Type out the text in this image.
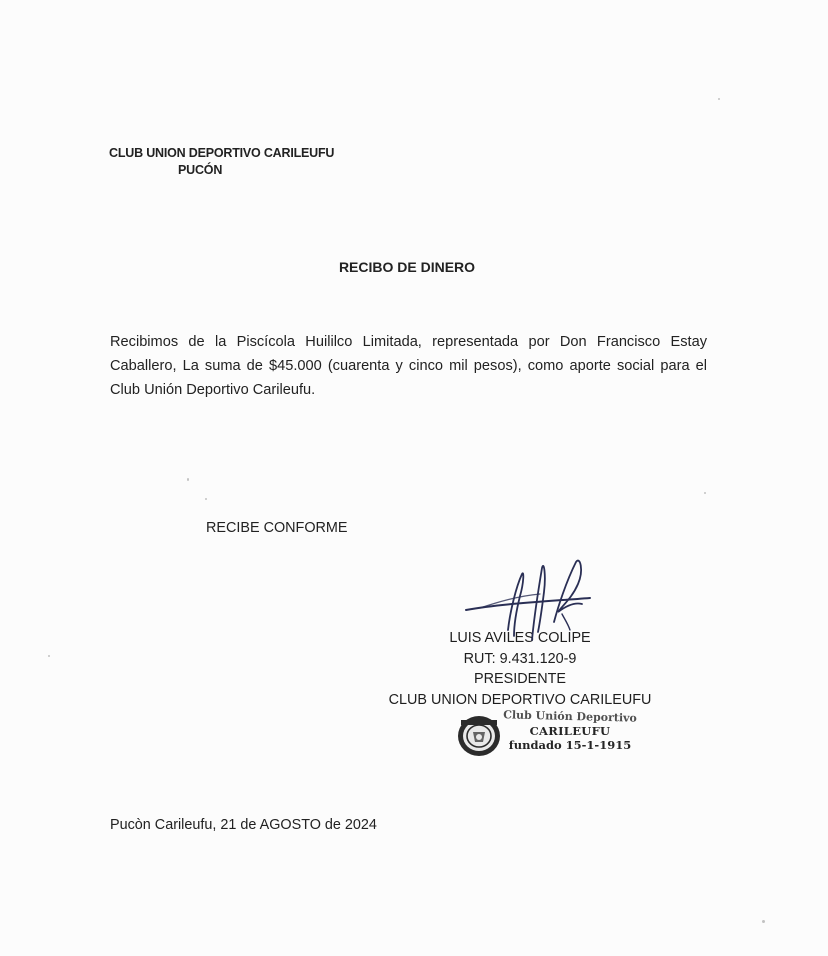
CLUB UNION DEPORTIVO CARILEUFU
PUCÓN
RECIBO DE DINERO
Recibimos de la Piscícola Huililco Limitada, representada por Don Francisco Estay Caballero, La suma de $45.000 (cuarenta y cinco mil pesos), como aporte social para el Club Unión Deportivo Carileufu.
RECIBE CONFORME
LUIS AVILES COLIPE
RUT: 9.431.120-9
PRESIDENTE
CLUB UNION DEPORTIVO CARILEUFU
Club Unión Deportivo
CARILEUFU
fundado 15-1-1915
Pucòn Carileufu, 21 de AGOSTO de 2024
